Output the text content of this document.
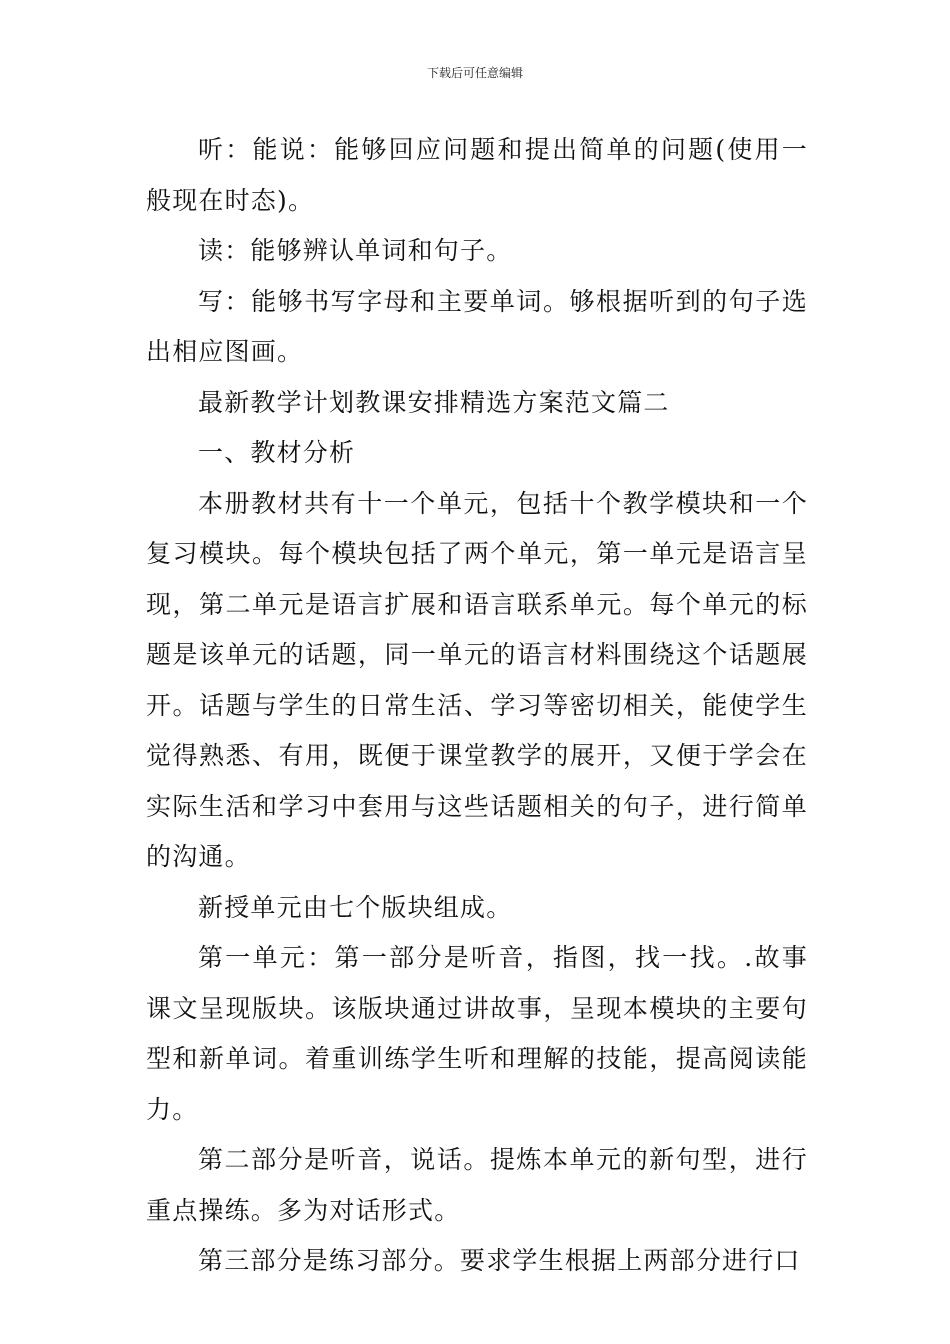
下载后可任意编辑

听：能说：能够回应问题和提出简单的问题(使用一般现在时态)。

读：能够辨认单词和句子。

写：能够书写字母和主要单词。够根据听到的句子选出相应图画。

最新教学计划教课安排精选方案范文篇二

一、教材分析

本册教材共有十一个单元，包括十个教学模块和一个复习模块。每个模块包括了两个单元，第一单元是语言呈现，第二单元是语言扩展和语言联系单元。每个单元的标题是该单元的话题，同一单元的语言材料围绕这个话题展开。话题与学生的日常生活、学习等密切相关，能使学生觉得熟悉、有用，既便于课堂教学的展开，又便于学会在实际生活和学习中套用与这些话题相关的句子，进行简单的沟通。

新授单元由七个版块组成。

第一单元：第一部分是听音，指图，找一找。.故事课文呈现版块。该版块通过讲故事，呈现本模块的主要句型和新单词。着重训练学生听和理解的技能，提高阅读能力。

第二部分是听音，说话。提炼本单元的新句型，进行重点操练。多为对话形式。

第三部分是练习部分。要求学生根据上两部分进行口
